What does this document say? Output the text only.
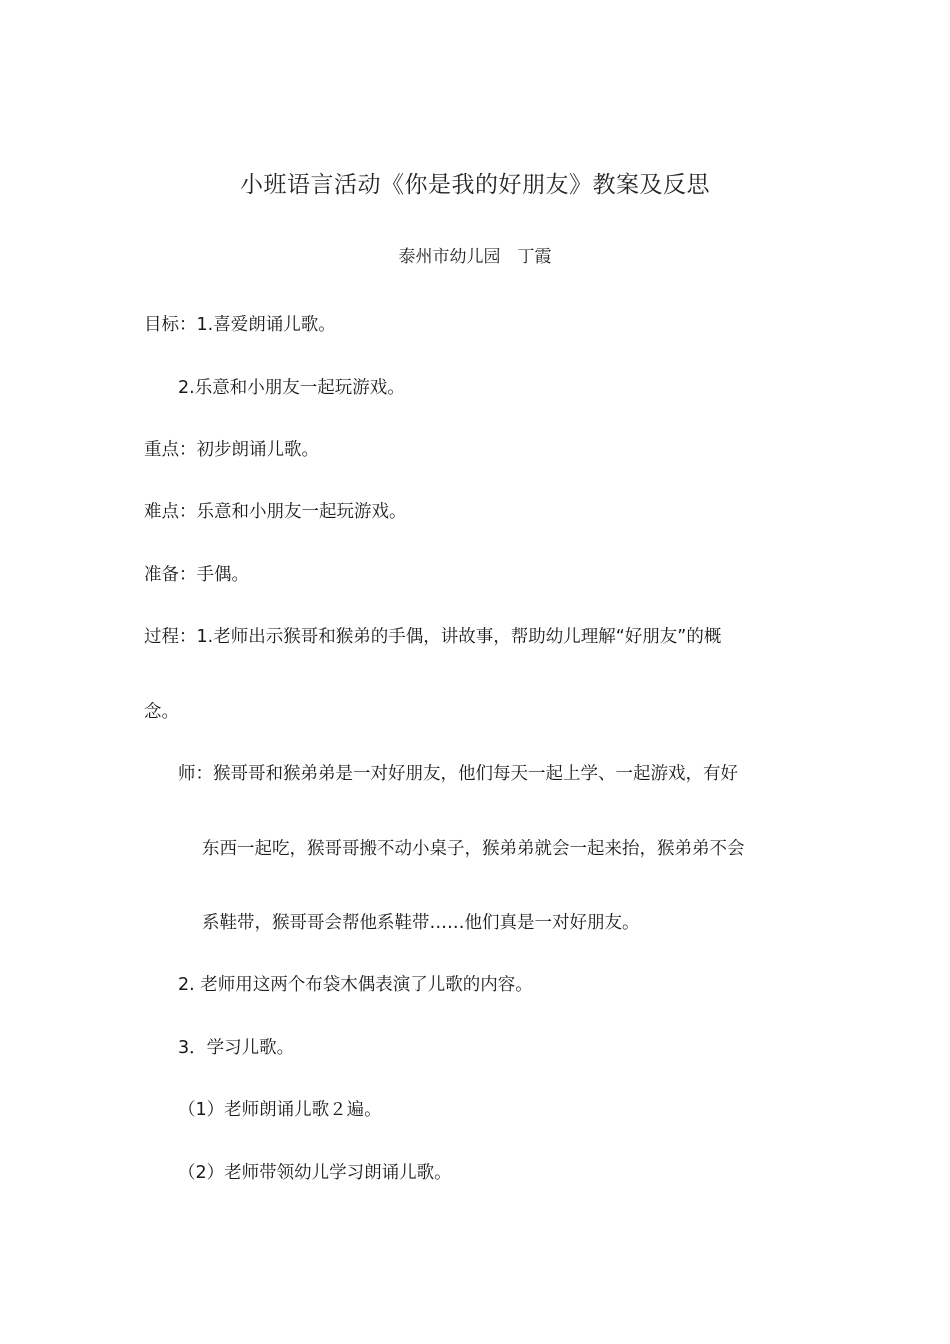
小班语言活动《你是我的好朋友》教案及反思
泰州市幼儿园　丁霞
目标：1.喜爱朗诵儿歌。
2.乐意和小朋友一起玩游戏。
重点：初步朗诵儿歌。
难点：乐意和小朋友一起玩游戏。
准备：手偶。
过程：1.老师出示猴哥和猴弟的手偶，讲故事，帮助幼儿理解“好朋友”的概
念。
师：猴哥哥和猴弟弟是一对好朋友，他们每天一起上学、一起游戏，有好
东西一起吃，猴哥哥搬不动小桌子，猴弟弟就会一起来抬，猴弟弟不会
系鞋带，猴哥哥会帮他系鞋带……他们真是一对好朋友。
2. 老师用这两个布袋木偶表演了儿歌的内容。
3．学习儿歌。
（1）老师朗诵儿歌２遍。
（2）老师带领幼儿学习朗诵儿歌。
